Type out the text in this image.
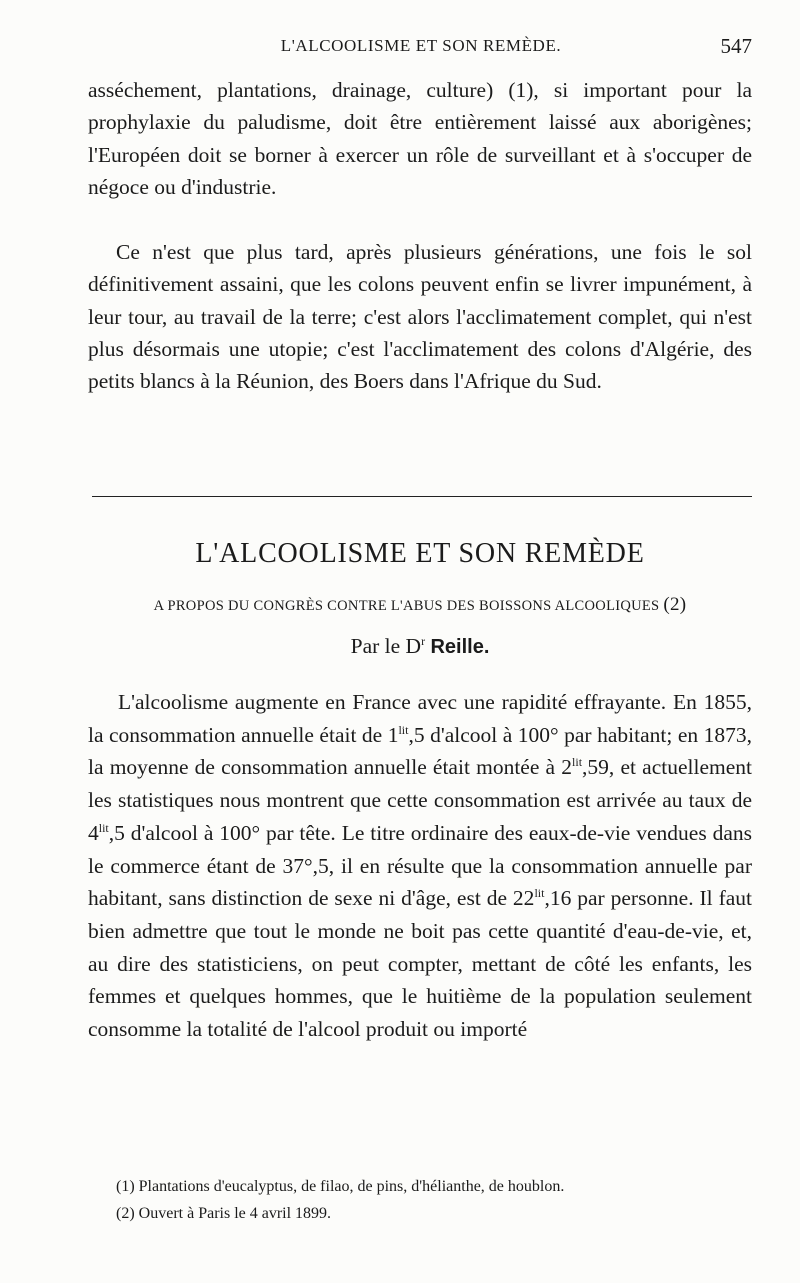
L'ALCOOLISME ET SON REMÈDE.	547

asséchement, plantations, drainage, culture) (1), si important pour la prophylaxie du paludisme, doit être entièrement laissé aux aborigènes; l'Européen doit se borner à exercer un rôle de surveillant et à s'occuper de négoce ou d'industrie.

Ce n'est que plus tard, après plusieurs générations, une fois le sol définitivement assaini, que les colons peuvent enfin se livrer impunément, à leur tour, au travail de la terre; c'est alors l'acclimatement complet, qui n'est plus désormais une utopie; c'est l'acclimatement des colons d'Algérie, des petits blancs à la Réunion, des Boers dans l'Afrique du Sud.

L'ALCOOLISME ET SON REMÈDE
A PROPOS DU CONGRÈS CONTRE L'ABUS DES BOISSONS ALCOOLIQUES (2)
Par le $D^r$ Reille.

L'alcoolisme augmente en France avec une rapidité effrayante. En 1855, la consommation annuelle était de $1^{lit},5$ d'alcool à 100° par habitant; en 1873, la moyenne de consommation annuelle était montée à $2^{lit},59$, et actuellement les statistiques nous montrent que cette consommation est arrivée au taux de $4^{lit},5$ d'alcool à 100° par tête. Le titre ordinaire des eaux-de-vie vendues dans le commerce étant de 37°,5, il en résulte que la consommation annuelle par habitant, sans distinction de sexe ni d'âge, est de $22^{lit},16$ par personne. Il faut bien admettre que tout le monde ne boit pas cette quantité d'eau-de-vie, et, au dire des statisticiens, on peut compter, mettant de côté les enfants, les femmes et quelques hommes, que le huitième de la population seulement consomme la totalité de l'alcool produit ou importé

(1) Plantations d'eucalyptus, de filao, de pins, d'hélianthe, de houblon.

(2) Ouvert à Paris le 4 avril 1899.
